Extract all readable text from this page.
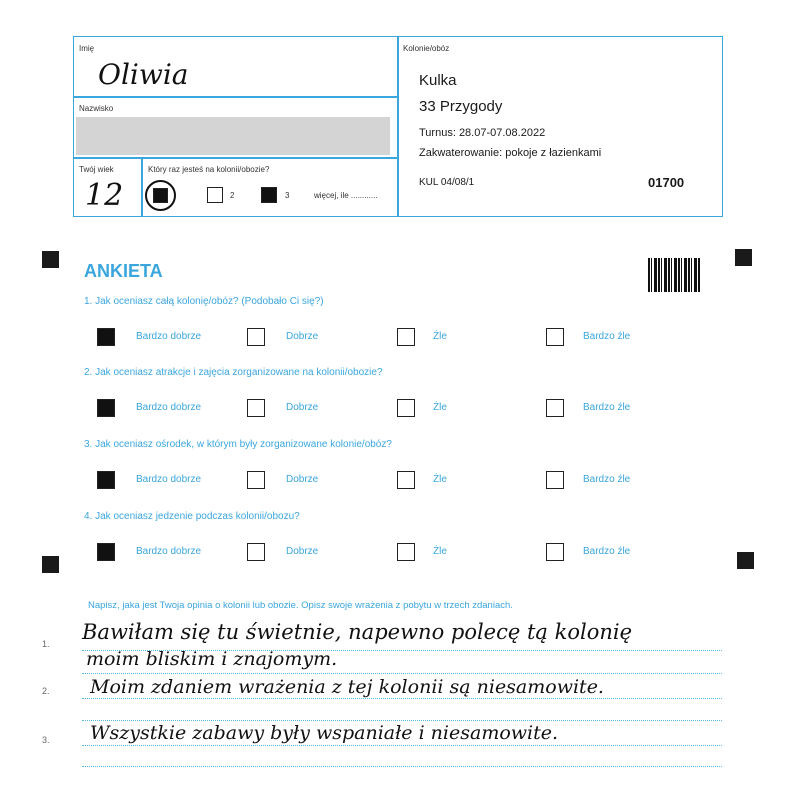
Imię
Oliwia
Nazwisko
Twój wiek
12
Który raz jesteś na kolonii/obozie?
2	3	więcej, ile ............
Kolonie/obóz
Kulka
33 Przygody
Turnus: 28.07-07.08.2022
Zakwaterowanie: pokoje z łazienkami
KUL 04/08/1	01700
ANKIETA
1. Jak oceniasz całą kolonię/obóz? (Podobało Ci się?)
Bardzo dobrze	Dobrze	Źle	Bardzo źle
2. Jak oceniasz atrakcje i zajęcia zorganizowane na kolonii/obozie?
Bardzo dobrze	Dobrze	Źle	Bardzo źle
3. Jak oceniasz ośrodek, w którym były zorganizowane kolonie/obóz?
Bardzo dobrze	Dobrze	Źle	Bardzo źle
4. Jak oceniasz jedzenie podczas kolonii/obozu?
Bardzo dobrze	Dobrze	Źle	Bardzo źle
Napisz, jaka jest Twoja opinia o kolonii lub obozie. Opisz swoje wrażenia z pobytu w trzech zdaniach.
1.
2.
3.
Bawiłam się tu świetnie, napewno polecę tą kolonię
moim bliskim i znajomym.
Moim zdaniem wrażenia z tej kolonii są niesamowite.
Wszystkie zabawy były wspaniałe i niesamowite.
